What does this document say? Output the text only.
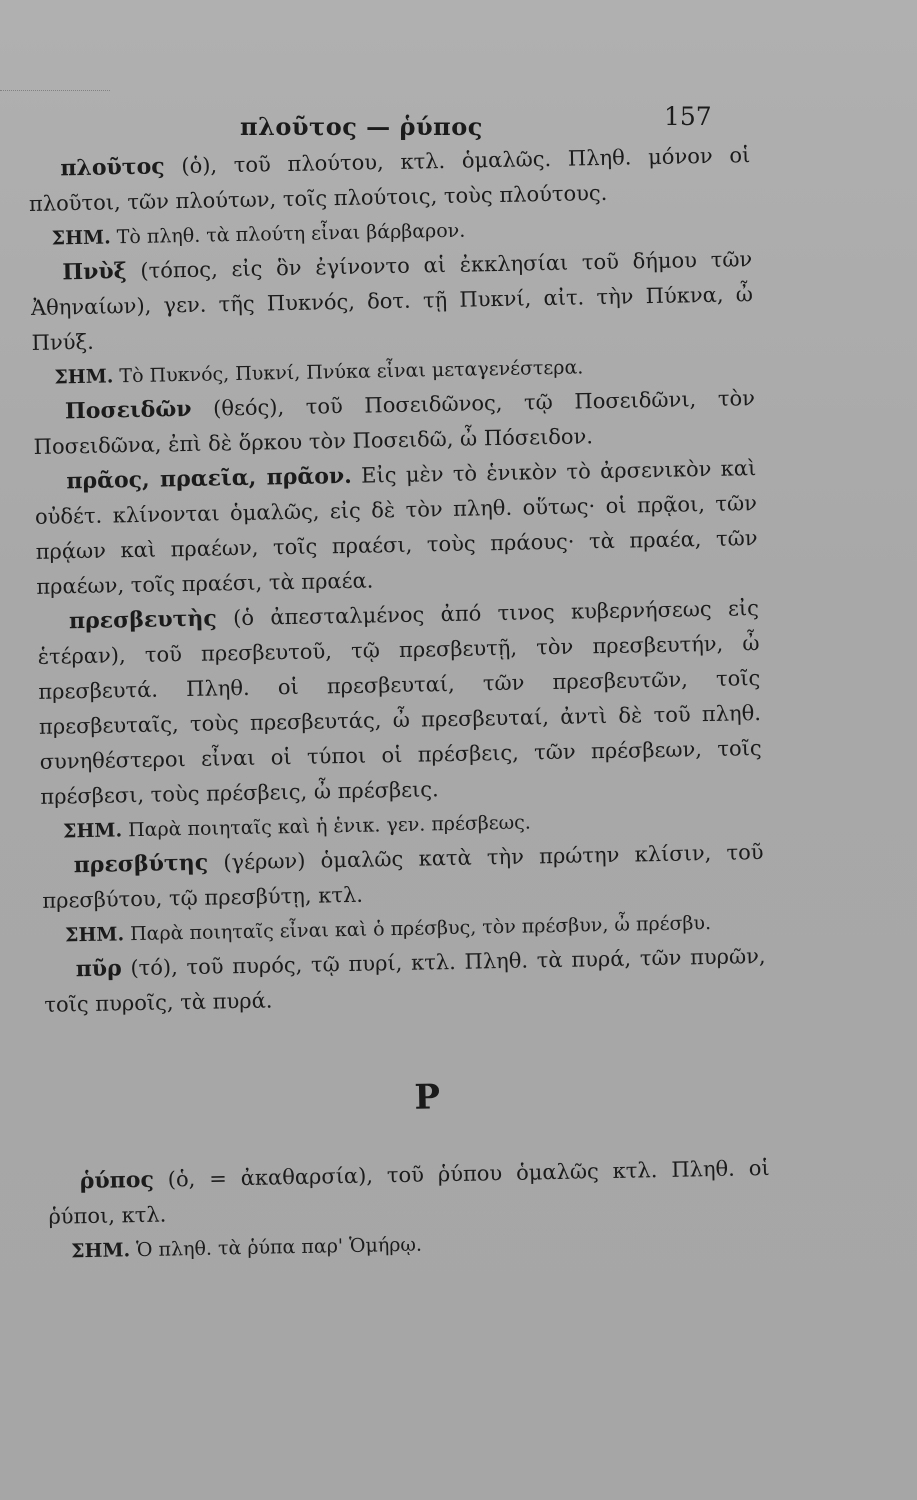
πλοῦτος — ῥύπος	157

πλοῦτος (ὁ), τοῦ πλούτου, κτλ. ὁμαλῶς. Πληθ. μόνον οἱ πλοῦτοι, τῶν πλούτων, τοῖς πλούτοις, τοὺς πλούτους.

ΣΗΜ. Τὸ πληθ. τὰ πλούτη εἶναι βάρβαρον.

Πνὺξ (τόπος, εἰς ὃν ἐγίνοντο αἱ ἐκκλησίαι τοῦ δήμου τῶν Ἀθηναίων), γεν. τῆς Πυκνός, δοτ. τῇ Πυκνί, αἰτ. τὴν Πύκνα, ὦ Πνύξ.

ΣΗΜ. Τὸ Πυκνός, Πυκνί, Πνύκα εἶναι μεταγενέστερα.

Ποσειδῶν (θεός), τοῦ Ποσειδῶνος, τῷ Ποσειδῶνι, τὸν Ποσειδῶνα, ἐπὶ δὲ ὅρκου τὸν Ποσειδῶ, ὦ Πόσειδον.

πρᾶος, πραεῖα, πρᾶον. Εἰς μὲν τὸ ἑνικὸν τὸ ἀρσενικὸν καὶ οὐδέτ. κλίνονται ὁμαλῶς, εἰς δὲ τὸν πληθ. οὕτως· οἱ πρᾷοι, τῶν πρᾴων καὶ πραέων, τοῖς πραέσι, τοὺς πράους· τὰ πραέα, τῶν πραέων, τοῖς πραέσι, τὰ πραέα.

πρεσβευτὴς (ὁ ἀπεσταλμένος ἀπό τινος κυβερνήσεως εἰς ἑτέραν), τοῦ πρεσβευτοῦ, τῷ πρεσβευτῇ, τὸν πρεσβευτήν, ὦ πρεσβευτά. Πληθ. οἱ πρεσβευταί, τῶν πρεσβευτῶν, τοῖς πρεσβευταῖς, τοὺς πρεσβευτάς, ὦ πρεσβευταί, ἀντὶ δὲ τοῦ πληθ. συνηθέστεροι εἶναι οἱ τύποι οἱ πρέσβεις, τῶν πρέσβεων, τοῖς πρέσβεσι, τοὺς πρέσβεις, ὦ πρέσβεις.

ΣΗΜ. Παρὰ ποιηταῖς καὶ ἡ ἑνικ. γεν. πρέσβεως.

πρεσβύτης (γέρων) ὁμαλῶς κατὰ τὴν πρώτην κλίσιν, τοῦ πρεσβύτου, τῷ πρεσβύτῃ, κτλ.

ΣΗΜ. Παρὰ ποιηταῖς εἶναι καὶ ὁ πρέσβυς, τὸν πρέσβυν, ὦ πρέσβυ.

πῦρ (τό), τοῦ πυρός, τῷ πυρί, κτλ. Πληθ. τὰ πυρά, τῶν πυρῶν, τοῖς πυροῖς, τὰ πυρά.

Ρ

ῥύπος (ὁ, = ἀκαθαρσία), τοῦ ῥύπου ὁμαλῶς κτλ. Πληθ. οἱ ῥύποι, κτλ.

ΣΗΜ. Ὁ πληθ. τὰ ῥύπα παρ' Ὁμήρῳ.
